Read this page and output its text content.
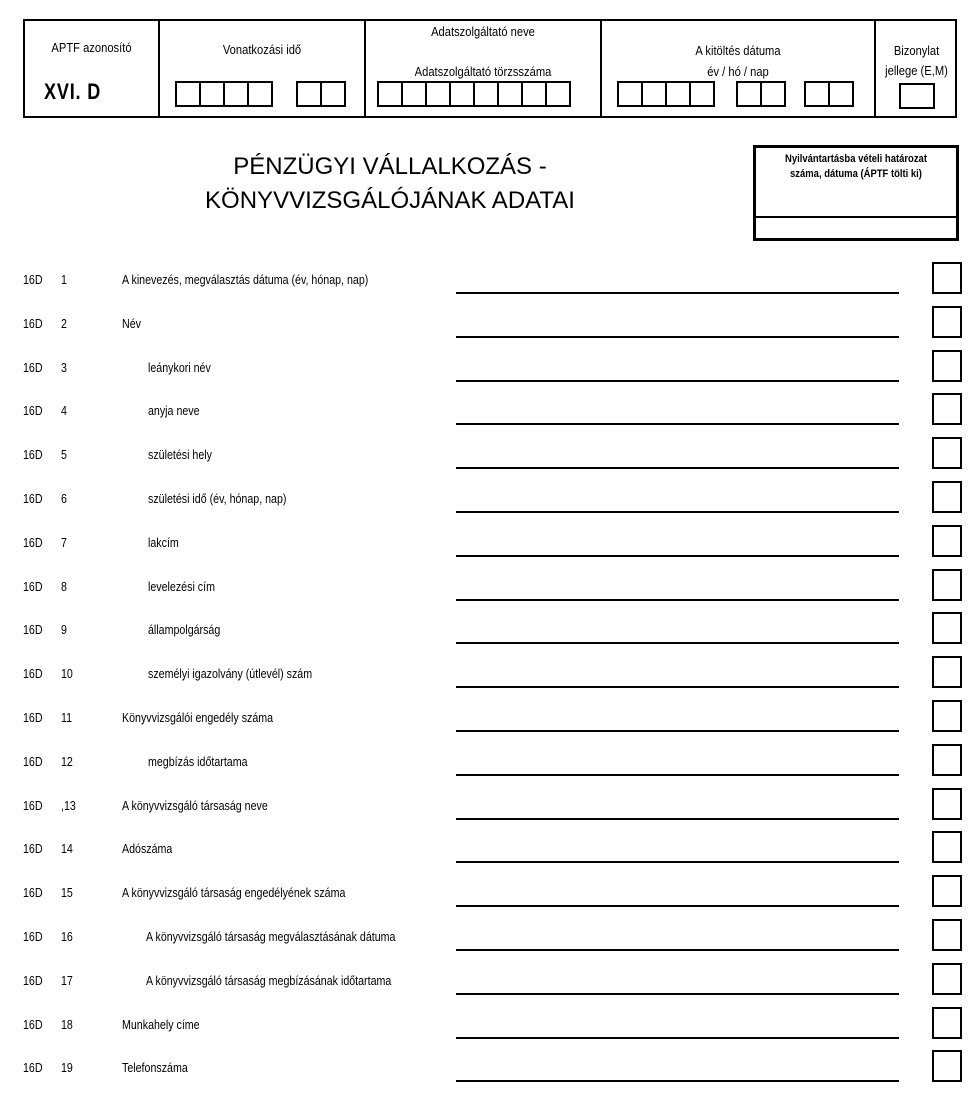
APTF azonosító
XVI. D
Vonatkozási idő
Adatszolgáltató neve
Adatszolgáltató törzsszáma
A kitöltés dátuma
év / hó / nap
Bizonylat
jellege (E,M)
PÉNZÜGYI VÁLLALKOZÁS -
KÖNYVVIZSGÁLÓJÁNAK ADATAI
Nyilvántartásba vételi határozat
száma, dátuma (ÁPTF tölti ki)
16D 1	A kinevezés, megválasztás dátuma (év, hónap, nap)
16D 2	Név
16D 3	leánykori név
16D 4	anyja neve
16D 5	születési hely
16D 6	születési idő (év, hónap, nap)
16D 7	lakcím
16D 8	levelezési cím
16D 9	állampolgárság
16D 10	személyi igazolvány (útlevél) szám
16D 11	Könyvvizsgálói engedély száma
16D 12	megbízás időtartama
16D ,13	A könyvvizsgáló társaság neve
16D 14	Adószáma
16D 15	A könyvvizsgáló társaság engedélyének száma
16D 16	A könyvvizsgáló társaság megválasztásának dátuma
16D 17	A könyvvizsgáló társaság megbízásának időtartama
16D 18	Munkahely címe
16D 19	Telefonszáma
